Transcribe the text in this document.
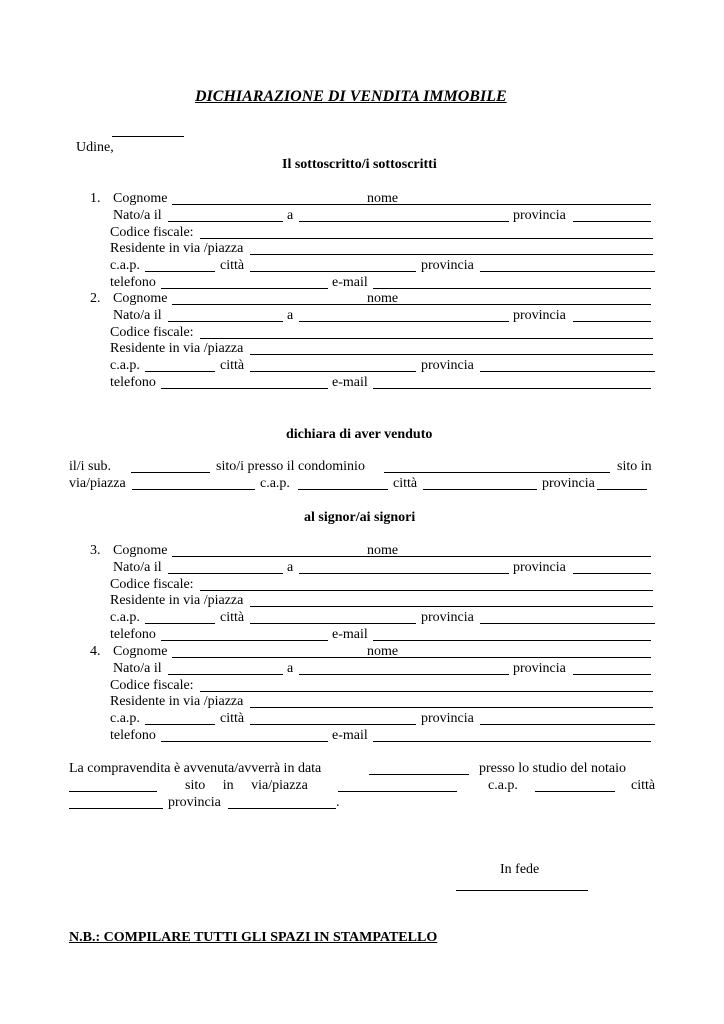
DICHIARAZIONE DI VENDITA IMMOBILE

Udine,

Il sottoscritto/i sottoscritti
1. Cognome	nome
Nato/a il	a	provincia
Codice fiscale:
Residente in via /piazza
c.a.p.	città	provincia
telefono	e-mail
2. Cognome	nome
Nato/a il	a	provincia
Codice fiscale:
Residente in via /piazza
c.a.p.	città	provincia
telefono	e-mail
dichiara di aver venduto
il/i sub.	sito/i presso il condominio	sito in
via/piazza	c.a.p.	città	provincia
al signor/ai signori
3. Cognome	nome
Nato/a il	a	provincia
Codice fiscale:
Residente in via /piazza
c.a.p.	città	provincia
telefono	e-mail
4. Cognome	nome
Nato/a il	a	provincia
Codice fiscale:
Residente in via /piazza
c.a.p.	città	provincia
telefono	e-mail
La compravendita è avvenuta/avverrà in data	presso lo studio del notaio
sito in via/piazza	c.a.p.	città
provincia	.
In fede
N.B.: COMPILARE TUTTI GLI SPAZI IN STAMPATELLO
